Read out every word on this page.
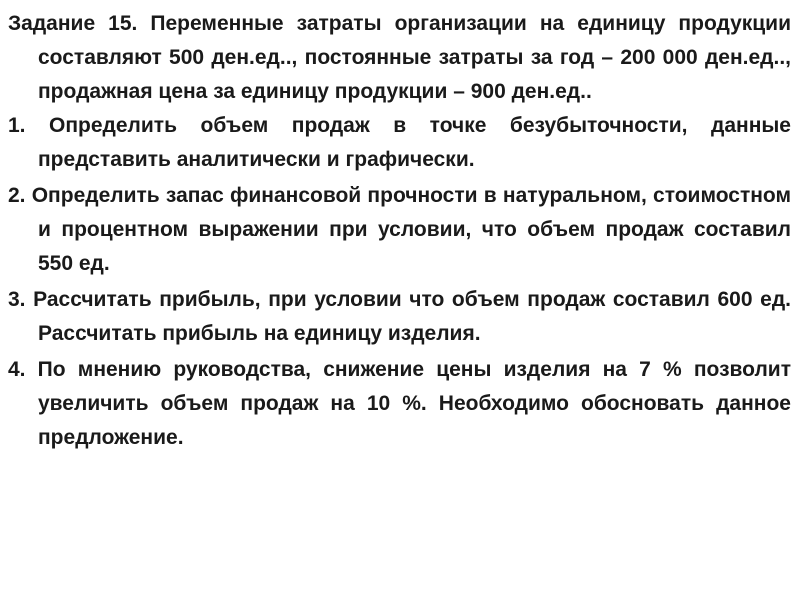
Задание 15. Переменные затраты организации на единицу продукции составляют 500 ден.ед.., постоянные затраты за год – 200 000 ден.ед.., продажная цена за единицу продукции – 900 ден.ед..

1. Определить объем продаж в точке безубыточности, данные представить аналитически и графически.

2. Определить запас финансовой прочности в натуральном, стоимостном и процентном выражении при условии, что объем продаж составил 550 ед.

3. Рассчитать прибыль, при условии что объем продаж составил 600 ед. Рассчитать прибыль на единицу изделия.

4. По мнению руководства, снижение цены изделия на 7 % позволит увеличить объем продаж на 10 %. Необходимо обосновать данное предложение.
